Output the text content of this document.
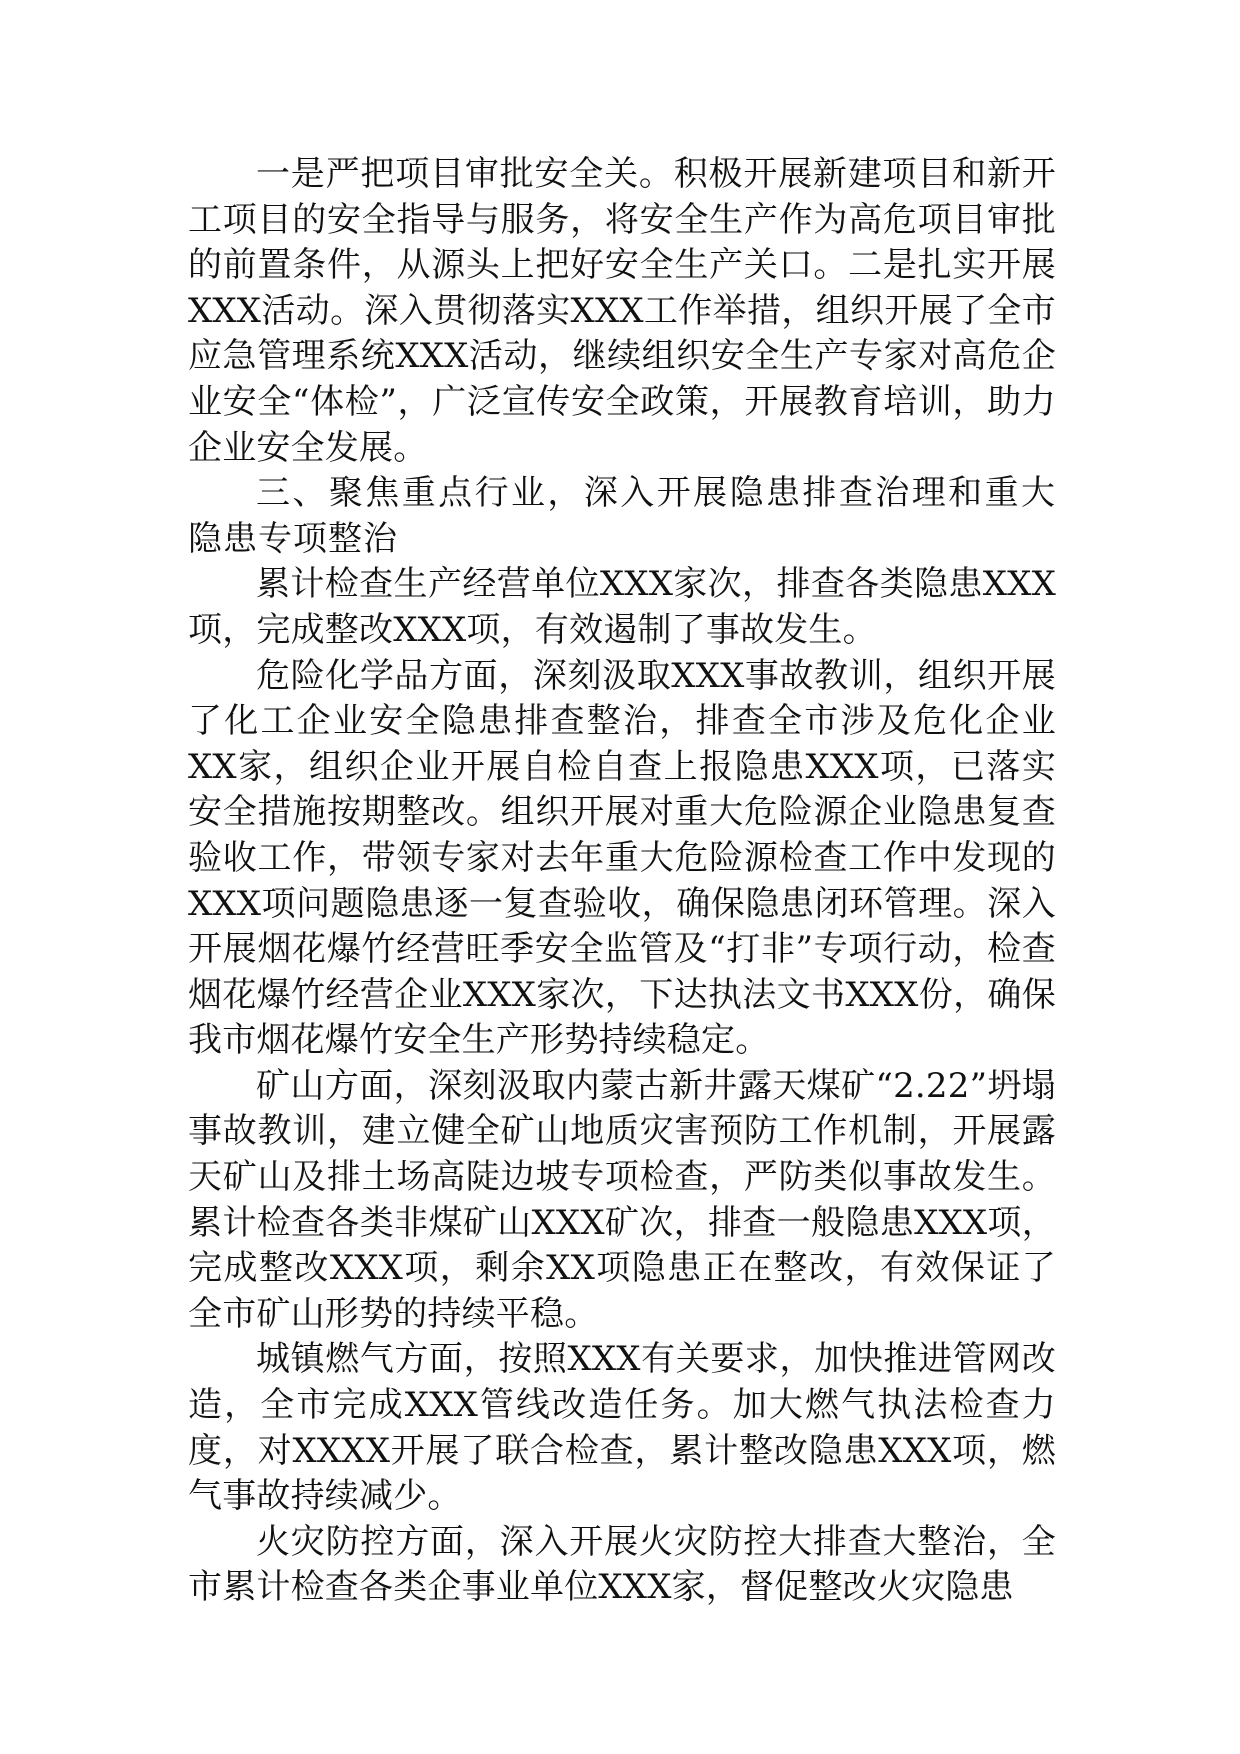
一是严把项目审批安全关。积极开展新建项目和新开工项目的安全指导与服务，将安全生产作为高危项目审批的前置条件，从源头上把好安全生产关口。二是扎实开展XXX活动。深入贯彻落实XXX工作举措，组织开展了全市应急管理系统XXX活动，继续组织安全生产专家对高危企业安全“体检”，广泛宣传安全政策，开展教育培训，助力企业安全发展。

三、聚焦重点行业，深入开展隐患排查治理和重大隐患专项整治

累计检查生产经营单位XXX家次，排查各类隐患XXX项，完成整改XXX项，有效遏制了事故发生。

危险化学品方面，深刻汲取XXX事故教训，组织开展了化工企业安全隐患排查整治，排查全市涉及危化企业XX家，组织企业开展自检自查上报隐患XXX项，已落实安全措施按期整改。组织开展对重大危险源企业隐患复查验收工作，带领专家对去年重大危险源检查工作中发现的XXX项问题隐患逐一复查验收，确保隐患闭环管理。深入开展烟花爆竹经营旺季安全监管及“打非”专项行动，检查烟花爆竹经营企业XXX家次，下达执法文书XXX份，确保我市烟花爆竹安全生产形势持续稳定。

矿山方面，深刻汲取内蒙古新井露天煤矿“2.22”坍塌事故教训，建立健全矿山地质灾害预防工作机制，开展露天矿山及排土场高陡边坡专项检查，严防类似事故发生。累计检查各类非煤矿山XXX矿次，排查一般隐患XXX项，完成整改XXX项，剩余XX项隐患正在整改，有效保证了全市矿山形势的持续平稳。

城镇燃气方面，按照XXX有关要求，加快推进管网改造，全市完成XXX管线改造任务。加大燃气执法检查力度，对XXXX开展了联合检查，累计整改隐患XXX项，燃气事故持续减少。

火灾防控方面，深入开展火灾防控大排查大整治，全市累计检查各类企事业单位XXX家，督促整改火灾隐患
